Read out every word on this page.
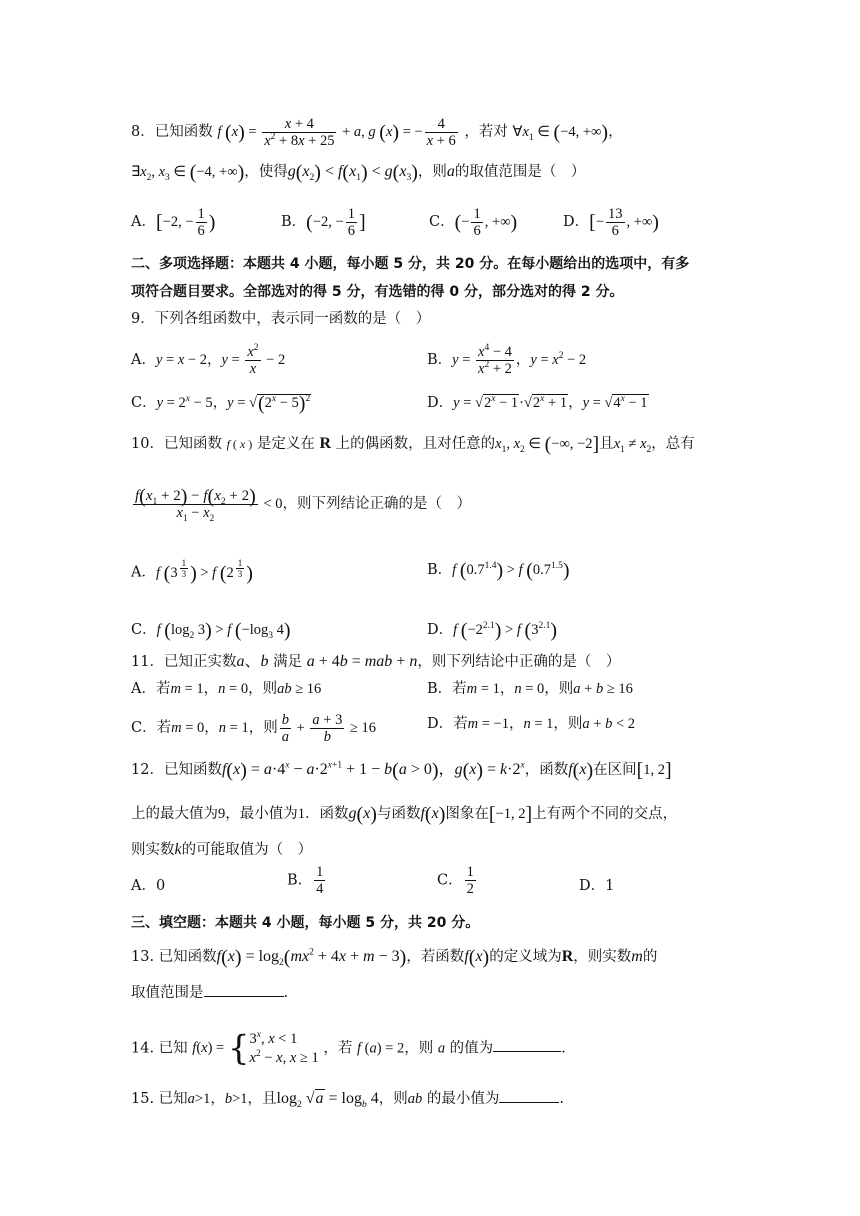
8．已知函数 f $(x) = \frac{x + 4}{x^2 + 8x + 25} + a$, g (x) = − $\frac{4}{x + 6}$ ，若对 $\forall x_1$ ∈ (−4, +∞)，
$\exists x_2$, $x_3$ ∈ (−4, +∞)，使得$g(x_2) < f(x_1) < g(x_3)$，则a的取值范围是（　）
A．[−2, − $\frac{1}{6}$ )	B．(−2, − $\frac{1}{6}$ ]	C．(− $\frac{1}{6}$ , +∞)	D．[− $\frac{13}{6}$ , +∞)
二、多项选择题：本题共 4 小题，每小题 5 分，共 20 分。在每小题给出的选项中，有多
项符合题目要求。全部选对的得 5 分，有选错的得 0 分，部分选对的得 2 分。
9．下列各组函数中，表示同一函数的是（　）
A．y = x − 2，$y = \frac{x^2}{x} - 2$	B．$y = \frac{x^4 - 4}{x^2 + 2}$ ，$y = x^2 - 2$
C．$y = 2^x - 5$，$y = √(2^x - 5)^2$	D．$y = √2^x - 1\cdot√2^x + 1$，$y = √4^x - 1$
10．已知函数 f ( x ) 是定义在 R 上的偶函数，且对任意的$x_1$, $x_2$ ∈ (−∞, −2]且$x_1 \ne x_2$，总有
$\frac{f(x_1 + 2) - f(x_2 + 2)}{x_1 - x_2} < 0$，则下列结论正确的是（　）
A．f (3 $^{\frac{1}{3}}$ ) > f (2 $^{\frac{1}{3}}$ )	B．f $(0.7^{1.4}) > f$ $(0.7^{1.5})$
C．f ($\log_2$ 3) > f ($-\log_3$ 4)	D．f $(-2^{2.1}) > f$ $(3^{2.1})$
11．已知正实数a、b 满足 a + 4b = mab + n，则下列结论中正确的是（　）
A．若m = 1，n = 0，则ab ≥ 16	B．若m = 1，n = 0，则a + b ≥ 16
C．若m = 0，n = 1，则 $\frac{b}{a} + \frac{a + 3}{b} \ge 16$	D．若m = −1，n = 1，则a + b < 2
12．已知函数$f(x) = a\cdot 4^x - a\cdot 2^{x+1} + 1 - b(a > 0)$，$g(x) = k\cdot 2^x$，函数f(x)在区间[1, 2]
上的最大值为9，最小值为1．函数g(x)与函数f(x)图象在[−1, 2]上有两个不同的交点，
则实数k的可能取值为（　）
A．0	B． $\frac{1}{4}$	C． $\frac{1}{2}$	D．1
三、填空题：本题共 4 小题，每小题 5 分，共 20 分。
13. 已知函数$f(x) = \log_2(mx^2 + 4x + m - 3)$，若函数f(x)的定义域为R，则实数m的
取值范围是	.
14. 已知 f(x) = { 3$^x$, x < 1
$x^2 - x$, x ≥ 1
，若 f (a) = 2，则 a 的值为	.
15. 已知a>1，b>1，且$\log_2 √a = \log_b 4$，则ab 的最小值为	.
